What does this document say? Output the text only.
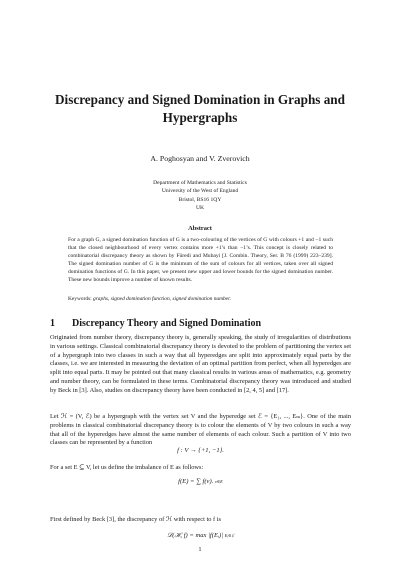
Discrepancy and Signed Domination in Graphs and
Hypergraphs

A. Poghosyan and V. Zverovich

Department of Mathematics and Statistics
University of the West of England
Bristol, BS16 1QY
UK

Abstract

For a graph G, a signed domination function of G is a two-colouring of the vertices of G with colours +1 and −1 such that the closed neighbourhood of every vertex contains more +1’s than −1’s. This concept is closely related to combinatorial discrepancy theory as shown by Füredi and Mubayi [J. Combin. Theory, Ser. B 76 (1999) 223–239]. The signed domination number of G is the minimum of the sum of colours for all vertices, taken over all signed domination functions of G. In this paper, we present new upper and lower bounds for the signed domination number. These new bounds improve a number of known results.

Keywords: graphs, signed domination function, signed domination number.

1 Discrepancy Theory and Signed Domination

Originated from number theory, discrepancy theory is, generally speaking, the study of irregularities of distributions in various settings. Classical combinatorial discrepancy theory is devoted to the problem of partitioning the vertex set of a hypergraph into two classes in such a way that all hyperedges are split into approximately equal parts by the classes, i.e. we are interested in measuring the deviation of an optimal partition from perfect, when all hyperedges are split into equal parts. It may be pointed out that many classical results in various areas of mathematics, e.g. geometry and number theory, can be formulated in these terms. Combinatorial discrepancy theory was introduced and studied by Beck in [3]. Also, studies on discrepancy theory have been conducted in [2, 4, 5] and [17].

Let ℋ = (V, ℰ) be a hypergraph with the vertex set V and the hyperedge set ℰ = {E₁, ..., Eₘ}. One of the main problems in classical combinatorial discrepancy theory is to colour the elements of V by two colours in such a way that all of the hyperedges have almost the same number of elements of each colour. Such a partition of V into two classes can be represented by a function

f : V → {+1, −1}.

For a set E ⊆ V, let us define the imbalance of E as follows:

f(E) = ∑ f(v). v∈E

First defined by Beck [3], the discrepancy of ℋ with respect to f is

𝒟(ℋ, f) = max |f(Eᵢ)| Eᵢ∈ℰ

1
